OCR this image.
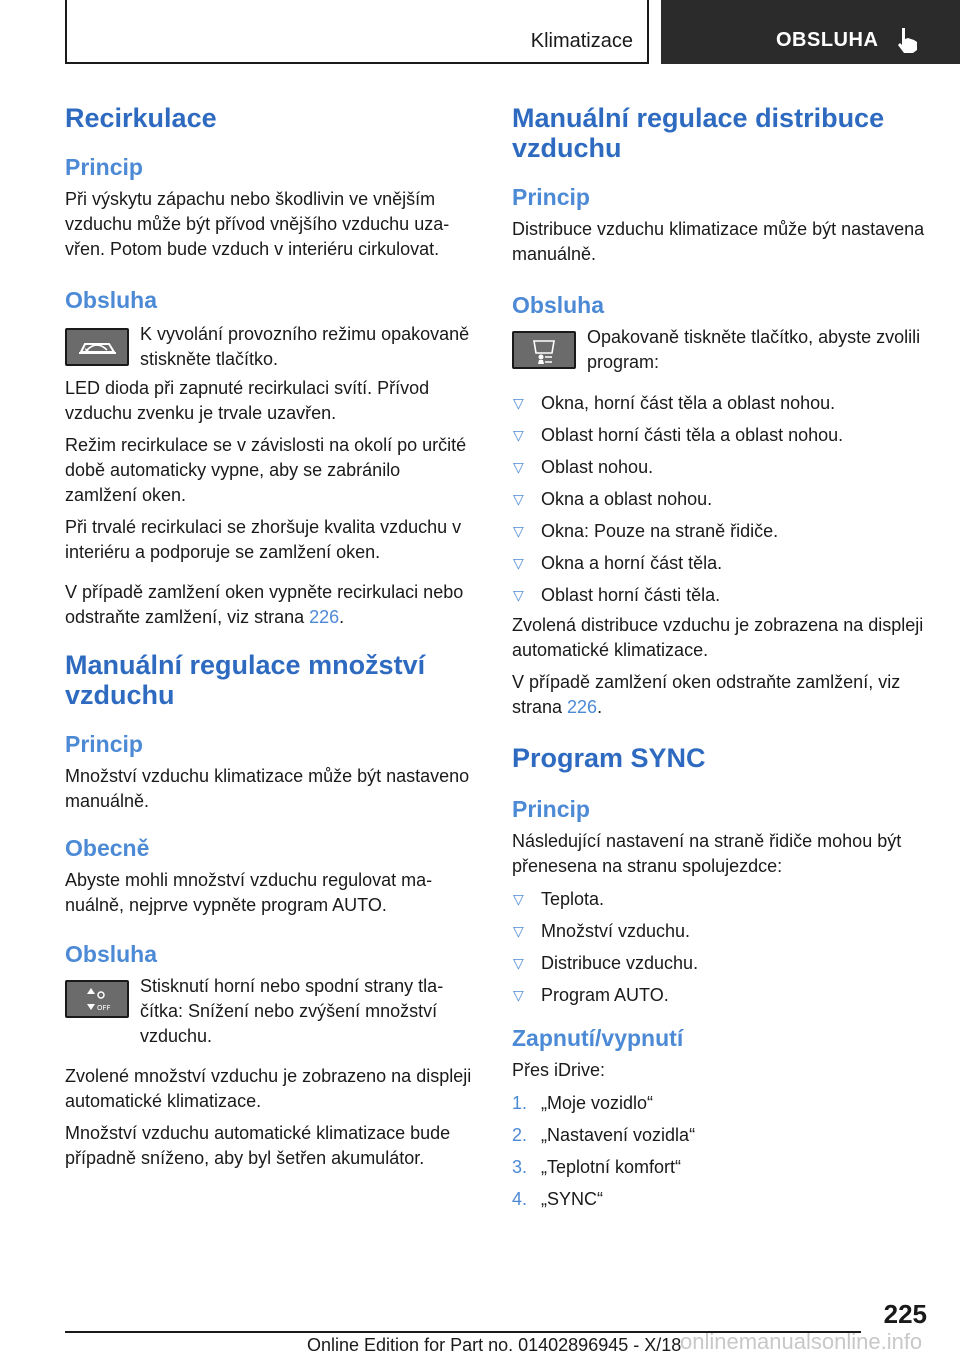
Klimatizace	OBSLUHA
Recirkulace
Princip

Při výskytu zápachu nebo škodlivin ve vnějším vzduchu může být přívod vnějšího vzduchu uzavřen. Potom bude vzduch v interiéru cirkulovat.

Obsluha

K vyvolání provozního režimu opakovaně stiskněte tlačítko.

LED dioda při zapnuté recirkulaci svítí. Přívod vzduchu zvenku je trvale uzavřen.

Režim recirkulace se v závislosti na okolí po určité době automaticky vypne, aby se zabránilo zamlžení oken.

Při trvalé recirkulaci se zhoršuje kvalita vzduchu v interiéru a podporuje se zamlžení oken.

V případě zamlžení oken vypněte recirkulaci nebo odstraňte zamlžení, viz strana 226.

Manuální regulace množství vzduchu
Princip

Množství vzduchu klimatizace může být nastaveno manuálně.

Obecně

Abyste mohli množství vzduchu regulovat manuálně, nejprve vypněte program AUTO.

Obsluha
OFF

Stisknutí horní nebo spodní strany tlačítka: Snížení nebo zvýšení množství vzduchu.

Zvolené množství vzduchu je zobrazeno na displeji automatické klimatizace.

Množství vzduchu automatické klimatizace bude případně sníženo, aby byl šetřen akumulátor.

Manuální regulace distribuce vzduchu
Princip

Distribuce vzduchu klimatizace může být nastavena manuálně.

Obsluha

Opakovaně tiskněte tlačítko, abyste zvolili program:

▽ Okna, horní část těla a oblast nohou.
▽ Oblast horní části těla a oblast nohou.
▽ Oblast nohou.
▽ Okna a oblast nohou.
▽ Okna: Pouze na straně řidiče.
▽ Okna a horní část těla.
▽ Oblast horní části těla.

Zvolená distribuce vzduchu je zobrazena na displeji automatické klimatizace.

V případě zamlžení oken odstraňte zamlžení, viz strana 226.

Program SYNC
Princip

Následující nastavení na straně řidiče mohou být přenesena na stranu spolujezdce:

▽ Teplota.
▽ Množství vzduchu.
▽ Distribuce vzduchu.
▽ Program AUTO.
Zapnutí/vypnutí

Přes iDrive:

1. „Moje vozidlo“
2. „Nastavení vozidla“
3. „Teplotní komfort“
4. „SYNC“
225
onlinemanualsonline.info
Online Edition for Part no. 01402896945 - X/18
